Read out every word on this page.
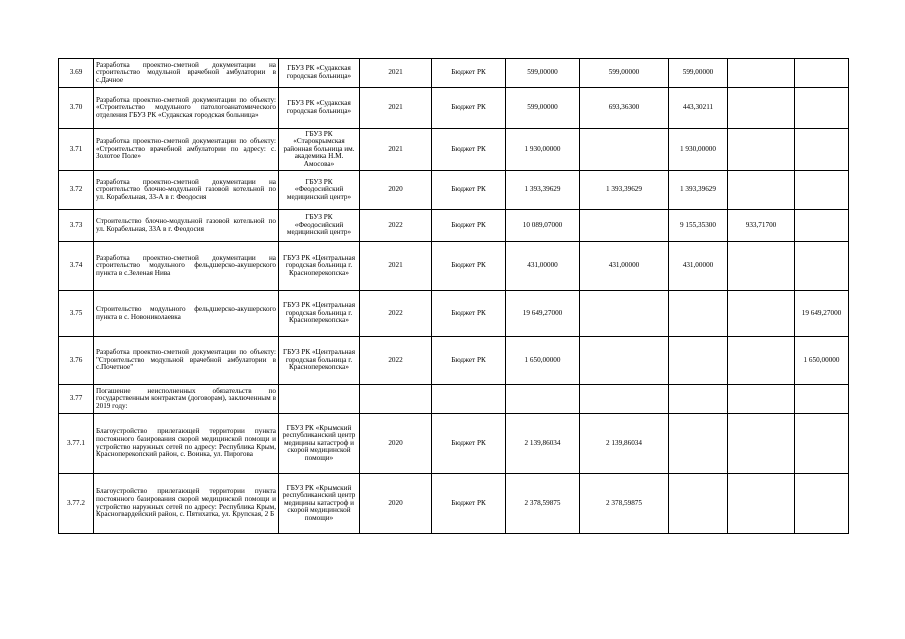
3.69	Разработка проектно-сметной документации на строительство модульной врачебной амбулатории в с.Дачное	ГБУЗ РК «Судакская городская больница»	2021	Бюджет РК	599,00000	599,00000	599,00000		
3.70	Разработка проектно-сметной документации по объекту: «Строительство модульного патологоанатомического отделения ГБУЗ РК «Судакская городская больница»	ГБУЗ РК «Судакская городская больница»	2021	Бюджет РК	599,00000	693,36300	443,30211		
3.71	Разработка проектно-сметной документации по объекту: «Строительство врачебной амбулатории по адресу: с. Золотое Поле»	ГБУЗ РК «Старокрымская районная больница им. академика Н.М. Амосова»	2021	Бюджет РК	1 930,00000		1 930,00000		
3.72	Разработка проектно-сметной документации на строительство блочно-модульной газовой котельной по ул. Корабельная, 33-А в г. Феодосия	ГБУЗ РК «Феодосийский медицинский центр»	2020	Бюджет РК	1 393,39629	1 393,39629	1 393,39629		
3.73	Строительство блочно-модульной газовой котельной по ул. Корабельная, 33А в г. Феодосия	ГБУЗ РК «Феодосийский медицинский центр»	2022	Бюджет РК	10 089,07000		9 155,35300	933,71700	
3.74	Разработка проектно-сметной документации на строительство модульного фельдшерско-акушерского пункта в с.Зеленая Нива	ГБУЗ РК «Центральная городская больница г. Красноперекопска»	2021	Бюджет РК	431,00000	431,00000	431,00000		
3.75	Строительство модульного фельдшерско-акушерского пункта в с. Новониколаевка	ГБУЗ РК «Центральная городская больница г. Красноперекопска»	2022	Бюджет РК	19 649,27000				19 649,27000
3.76	Разработка проектно-сметной документации по объекту: "Строительство модульной врачебной амбулатории в с.Почетное"	ГБУЗ РК «Центральная городская больница г. Красноперекопска»	2022	Бюджет РК	1 650,00000				1 650,00000
3.77	Погашение неисполненных обязательств по государственным контрактам (договорам), заключенным в 2019 году:								
3.77.1	Благоустройство прилегающей территории пункта постоянного базирования скорой медицинской помощи и устройство наружных сетей по адресу: Республика Крым, Красноперекопский район, с. Воинка, ул. Пирогова	ГБУЗ РК «Крымский республиканский центр медицины катастроф и скорой медицинской помощи»	2020	Бюджет РК	2 139,86034	2 139,86034			
3.77.2	Благоустройство прилегающей территории пункта постоянного базирования скорой медицинской помощи и устройство наружных сетей по адресу: Республика Крым, Красногвардейский район, с. Пятихатка, ул. Крупская, 2 Б	ГБУЗ РК «Крымский республиканский центр медицины катастроф и скорой медицинской помощи»	2020	Бюджет РК	2 378,59875	2 378,59875			
